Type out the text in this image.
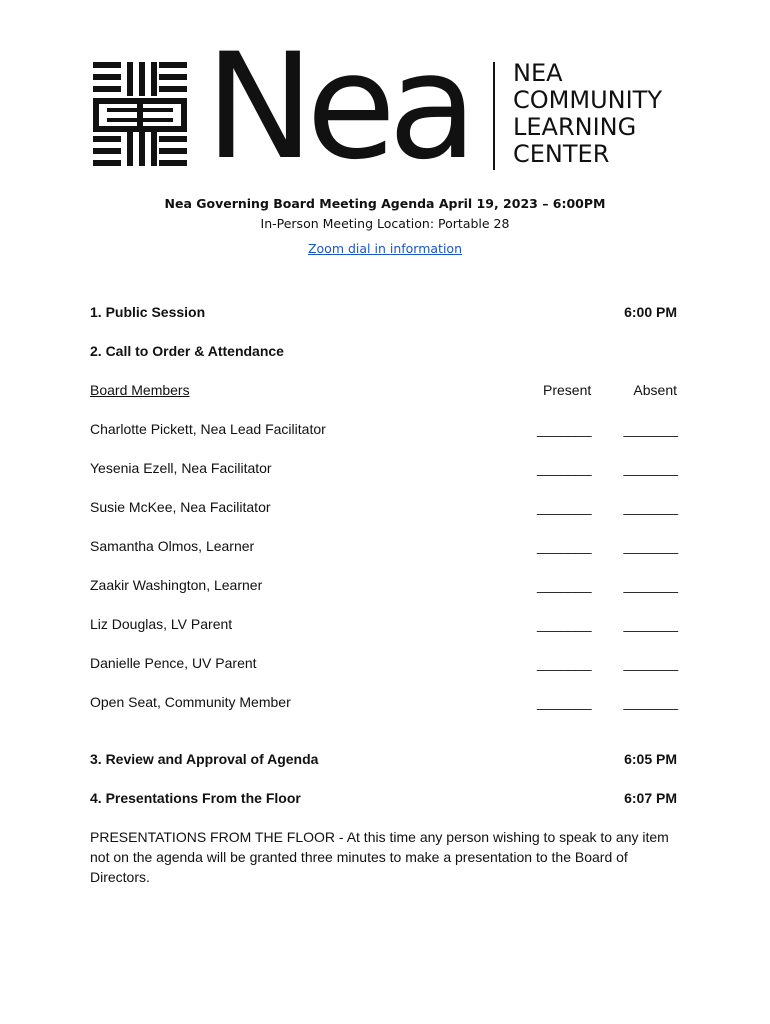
Nea NEA
COMMUNITY
LEARNING
CENTER
Nea Governing Board Meeting Agenda April 19, 2023 – 6:00PM
In-Person Meeting Location: Portable 28
Zoom dial in information
1. Public Session	6:00 PM
2. Call to Order & Attendance
Board Members	Present	Absent
Charlotte Pickett, Nea Lead Facilitator	_______ _______
Yesenia Ezell, Nea Facilitator	_______ _______
Susie McKee, Nea Facilitator	_______ _______
Samantha Olmos, Learner	_______ _______
Zaakir Washington, Learner	_______ _______
Liz Douglas, LV Parent	_______ _______
Danielle Pence, UV Parent	_______ _______
Open Seat, Community Member	_______ _______
3. Review and Approval of Agenda	6:05 PM
4. Presentations From the Floor	6:07 PM
PRESENTATIONS FROM THE FLOOR - At this time any person wishing to speak to any item not on the agenda will be granted three minutes to make a presentation to the Board of Directors.
